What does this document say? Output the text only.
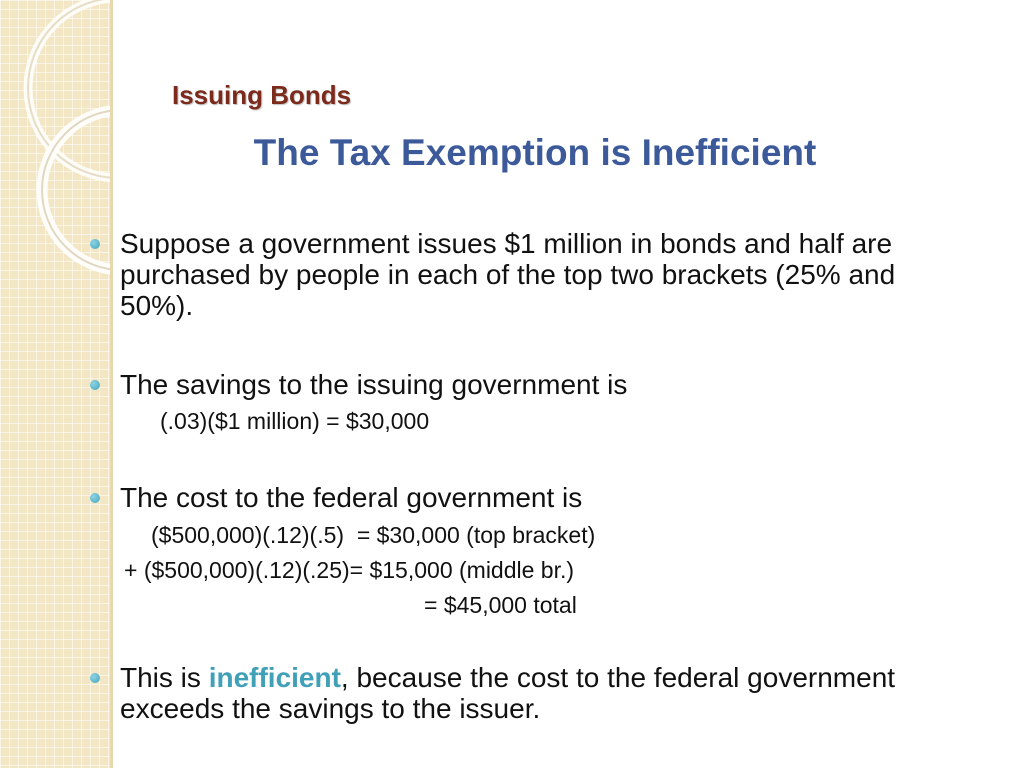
Issuing Bonds
The Tax Exemption is Inefficient

Suppose a government issues $1 million in bonds and half are purchased by people in each of the top two brackets (25% and 50%).

The savings to the issuing government is

(.03)($1 million) = $30,000

The cost to the federal government is

($500,000)(.12)(.5)  = $30,000 (top bracket)

+ ($500,000)(.12)(.25)= $15,000 (middle br.)

= $45,000 total

This is inefficient, because the cost to the federal government exceeds the savings to the issuer.
